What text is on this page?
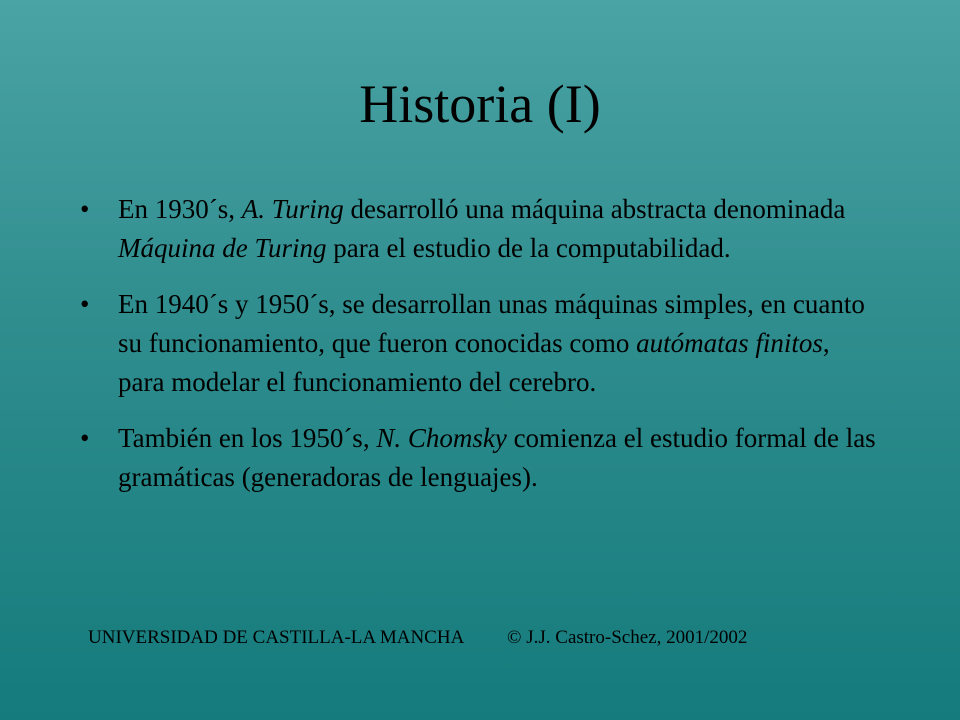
Historia (I)
•	En 1930´s, A. Turing desarrolló una máquina abstracta denominada Máquina de Turing para el estudio de la computabilidad.
•	En 1940´s y 1950´s, se desarrollan unas máquinas simples, en cuanto su funcionamiento, que fueron conocidas como autómatas finitos, para modelar el funcionamiento del cerebro.
•	También en los 1950´s, N. Chomsky comienza el estudio formal de las gramáticas (generadoras de lenguajes).
UNIVERSIDAD DE CASTILLA-LA MANCHA © J.J. Castro-Schez, 2001/2002
